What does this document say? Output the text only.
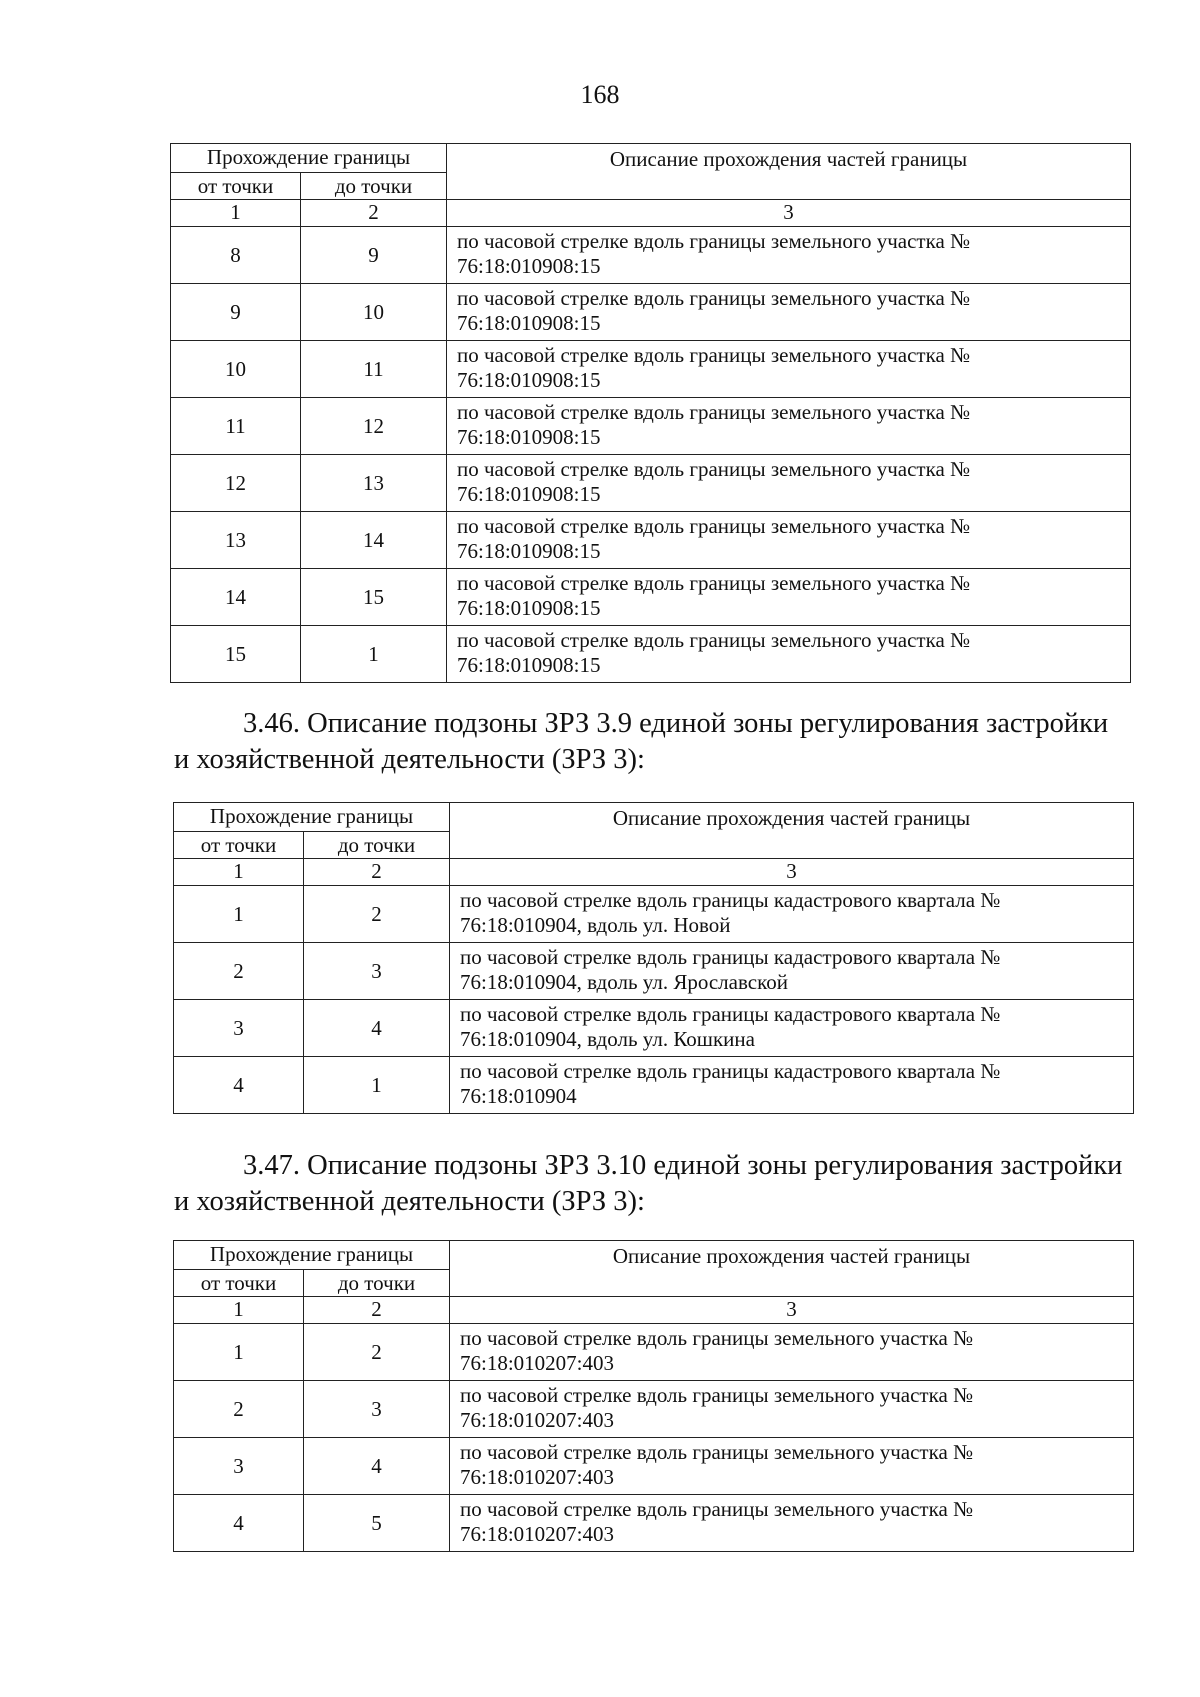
168
Прохождение границы		Описание прохождения частей границы
от точки	до точки	
1	2	3
8	9	по часовой стрелке вдоль границы земельного участка №
76:18:010908:15

9	10	по часовой стрелке вдоль границы земельного участка №
76:18:010908:15

10	11	по часовой стрелке вдоль границы земельного участка №
76:18:010908:15

11	12	по часовой стрелке вдоль границы земельного участка №
76:18:010908:15

12	13	по часовой стрелке вдоль границы земельного участка №
76:18:010908:15

13	14	по часовой стрелке вдоль границы земельного участка №
76:18:010908:15

14	15	по часовой стрелке вдоль границы земельного участка №
76:18:010908:15

15	1	по часовой стрелке вдоль границы земельного участка №
76:18:010908:15
3.46. Описание подзоны ЗРЗ 3.9 единой зоны регулирования застройки
и хозяйственной деятельности (ЗРЗ 3):
Прохождение границы		Описание прохождения частей границы
от точки	до точки	
1	2	3
1	2	по часовой стрелке вдоль границы кадастрового квартала №
76:18:010904, вдоль ул. Новой

2	3	по часовой стрелке вдоль границы кадастрового квартала №
76:18:010904, вдоль ул. Ярославской

3	4	по часовой стрелке вдоль границы кадастрового квартала №
76:18:010904, вдоль ул. Кошкина

4	1	по часовой стрелке вдоль границы кадастрового квартала №
76:18:010904
3.47. Описание подзоны ЗРЗ 3.10 единой зоны регулирования застройки
и хозяйственной деятельности (ЗРЗ 3):
Прохождение границы		Описание прохождения частей границы
от точки	до точки	
1	2	3
1	2	по часовой стрелке вдоль границы земельного участка №
76:18:010207:403

2	3	по часовой стрелке вдоль границы земельного участка №
76:18:010207:403

3	4	по часовой стрелке вдоль границы земельного участка №
76:18:010207:403

4	5	по часовой стрелке вдоль границы земельного участка №
76:18:010207:403
